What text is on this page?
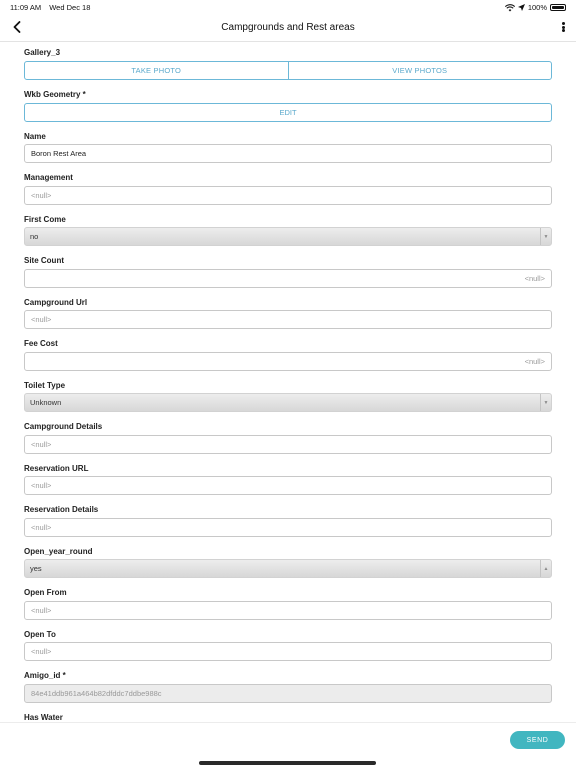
11:09 AM Wed Dec 18	100%
Campgrounds and Rest areas
Gallery_3
TAKE PHOTO	VIEW PHOTOS
Wkb Geometry *
EDIT
Name
Boron Rest Area
Management
<null>
First Come
no	▼
Site Count
<null>
Campground Url
<null>
Fee Cost
<null>
Toilet Type
Unknown	▼
Campground Details
<null>
Reservation URL
<null>
Reservation Details
<null>
Open_year_round
yes	▲
Open From
<null>
Open To
<null>
Amigo_id *
84e41ddb961a464b82dfddc7ddbe988c
Has Water
SEND
